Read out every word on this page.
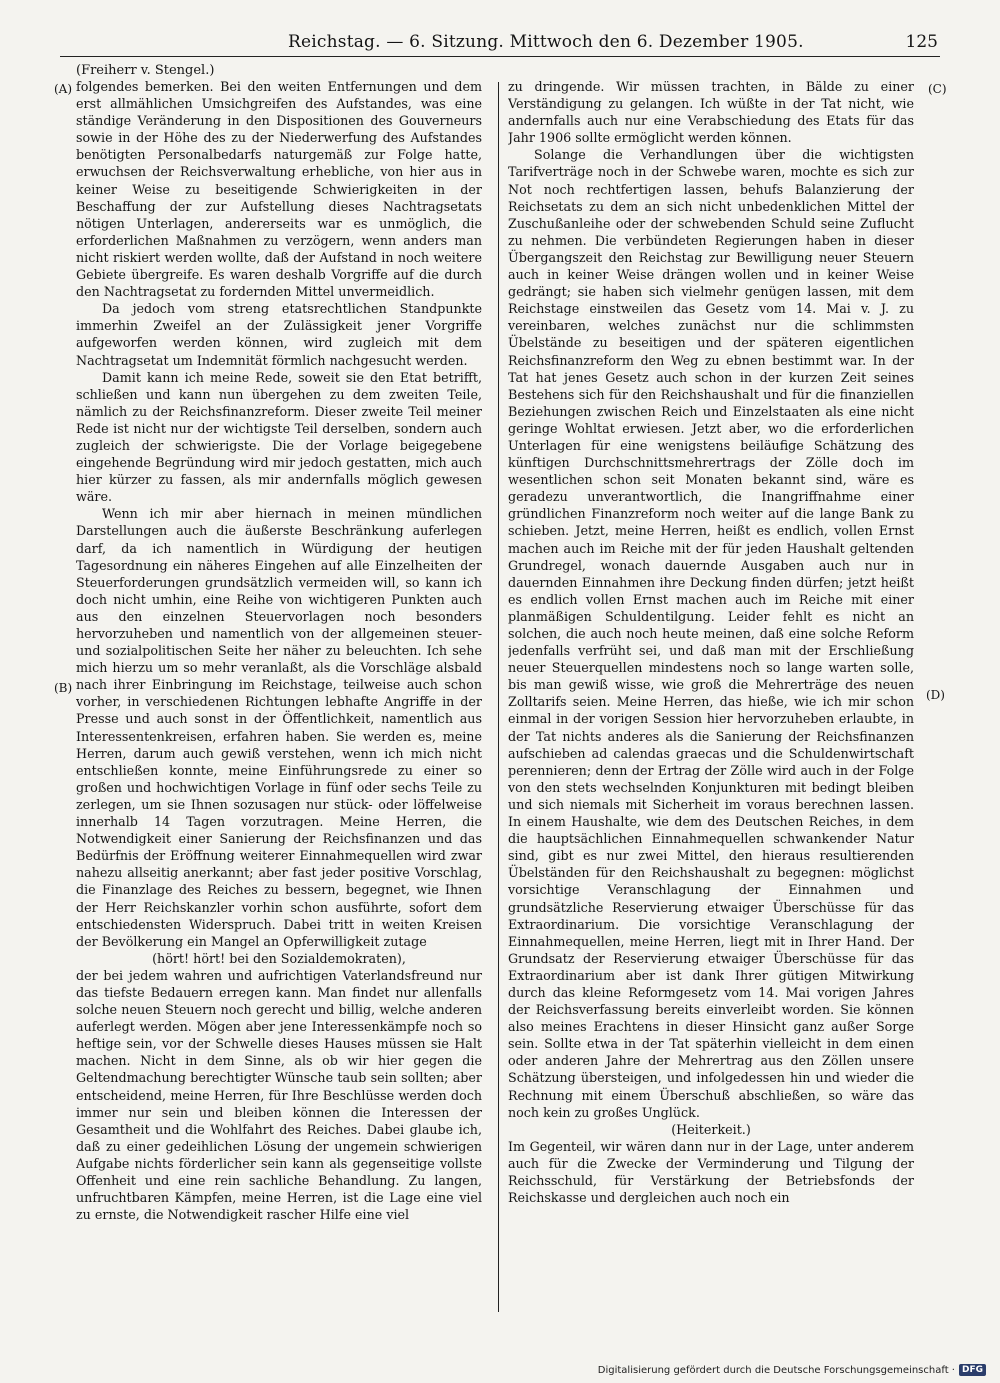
Reichstag. — 6. Sitzung. Mittwoch den 6. Dezember 1905.	125
(Freiherr v. Stengel.)
(A)
(B)
(C)
(D)

folgendes bemerken. Bei den weiten Entfernungen und dem erst allmählichen Umsichgreifen des Aufstandes, was eine ständige Veränderung in den Dispositionen des Gouverneurs sowie in der Höhe des zu der Niederwerfung des Aufstandes benötigten Personalbedarfs naturgemäß zur Folge hatte, erwuchsen der Reichsverwaltung erhebliche, von hier aus in keiner Weise zu beseitigende Schwierigkeiten in der Beschaffung der zur Aufstellung dieses Nachtragsetats nötigen Unterlagen, andererseits war es unmöglich, die erforderlichen Maßnahmen zu verzögern, wenn anders man nicht riskiert werden wollte, daß der Aufstand in noch weitere Gebiete übergreife. Es waren deshalb Vorgriffe auf die durch den Nachtragsetat zu fordernden Mittel unvermeidlich.

Da jedoch vom streng etatsrechtlichen Standpunkte immerhin Zweifel an der Zulässigkeit jener Vorgriffe aufgeworfen werden können, wird zugleich mit dem Nachtragsetat um Indemnität förmlich nachgesucht werden.

Damit kann ich meine Rede, soweit sie den Etat betrifft, schließen und kann nun übergehen zu dem zweiten Teile, nämlich zu der Reichsfinanzreform. Dieser zweite Teil meiner Rede ist nicht nur der wichtigste Teil derselben, sondern auch zugleich der schwierigste. Die der Vorlage beigegebene eingehende Begründung wird mir jedoch gestatten, mich auch hier kürzer zu fassen, als mir andernfalls möglich gewesen wäre.

Wenn ich mir aber hiernach in meinen mündlichen Darstellungen auch die äußerste Beschränkung auferlegen darf, da ich namentlich in Würdigung der heutigen Tagesordnung ein näheres Eingehen auf alle Einzelheiten der Steuerforderungen grundsätzlich vermeiden will, so kann ich doch nicht umhin, eine Reihe von wichtigeren Punkten auch aus den einzelnen Steuervorlagen noch besonders hervorzuheben und namentlich von der allgemeinen steuer- und sozialpolitischen Seite her näher zu beleuchten. Ich sehe mich hierzu um so mehr veranlaßt, als die Vorschläge alsbald nach ihrer Einbringung im Reichstage, teilweise auch schon vorher, in verschiedenen Richtungen lebhafte Angriffe in der Presse und auch sonst in der Öffentlichkeit, namentlich aus Interessentenkreisen, erfahren haben. Sie werden es, meine Herren, darum auch gewiß verstehen, wenn ich mich nicht entschließen konnte, meine Einführungsrede zu einer so großen und hochwichtigen Vorlage in fünf oder sechs Teile zu zerlegen, um sie Ihnen sozusagen nur stück- oder löffelweise innerhalb 14 Tagen vorzutragen. Meine Herren, die Notwendigkeit einer Sanierung der Reichsfinanzen und das Bedürfnis der Eröffnung weiterer Einnahmequellen wird zwar nahezu allseitig anerkannt; aber fast jeder positive Vorschlag, die Finanzlage des Reiches zu bessern, begegnet, wie Ihnen der Herr Reichskanzler vorhin schon ausführte, sofort dem entschiedensten Widerspruch. Dabei tritt in weiten Kreisen der Bevölkerung ein Mangel an Opferwilligkeit zutage

(hört! hört! bei den Sozialdemokraten),

der bei jedem wahren und aufrichtigen Vaterlandsfreund nur das tiefste Bedauern erregen kann. Man findet nur allenfalls solche neuen Steuern noch gerecht und billig, welche anderen auferlegt werden. Mögen aber jene Interessenkämpfe noch so heftige sein, vor der Schwelle dieses Hauses müssen sie Halt machen. Nicht in dem Sinne, als ob wir hier gegen die Geltendmachung berechtigter Wünsche taub sein sollten; aber entscheidend, meine Herren, für Ihre Beschlüsse werden doch immer nur sein und bleiben können die Interessen der Gesamtheit und die Wohlfahrt des Reiches. Dabei glaube ich, daß zu einer gedeihlichen Lösung der ungemein schwierigen Aufgabe nichts förderlicher sein kann als gegenseitige vollste Offenheit und eine rein sachliche Behandlung. Zu langen, unfruchtbaren Kämpfen, meine Herren, ist die Lage eine viel zu ernste, die Notwendigkeit rascher Hilfe eine viel

zu dringende. Wir müssen trachten, in Bälde zu einer Verständigung zu gelangen. Ich wüßte in der Tat nicht, wie andernfalls auch nur eine Verabschiedung des Etats für das Jahr 1906 sollte ermöglicht werden können.

Solange die Verhandlungen über die wichtigsten Tarifverträge noch in der Schwebe waren, mochte es sich zur Not noch rechtfertigen lassen, behufs Balanzierung der Reichsetats zu dem an sich nicht unbedenklichen Mittel der Zuschußanleihe oder der schwebenden Schuld seine Zuflucht zu nehmen. Die verbündeten Regierungen haben in dieser Übergangszeit den Reichstag zur Bewilligung neuer Steuern auch in keiner Weise drängen wollen und in keiner Weise gedrängt; sie haben sich vielmehr genügen lassen, mit dem Reichstage einstweilen das Gesetz vom 14. Mai v. J. zu vereinbaren, welches zunächst nur die schlimmsten Übelstände zu beseitigen und der späteren eigentlichen Reichsfinanzreform den Weg zu ebnen bestimmt war. In der Tat hat jenes Gesetz auch schon in der kurzen Zeit seines Bestehens sich für den Reichshaushalt und für die finanziellen Beziehungen zwischen Reich und Einzelstaaten als eine nicht geringe Wohltat erwiesen. Jetzt aber, wo die erforderlichen Unterlagen für eine wenigstens beiläufige Schätzung des künftigen Durchschnittsmehrertrags der Zölle doch im wesentlichen schon seit Monaten bekannt sind, wäre es geradezu unverantwortlich, die Inangriffnahme einer gründlichen Finanzreform noch weiter auf die lange Bank zu schieben. Jetzt, meine Herren, heißt es endlich, vollen Ernst machen auch im Reiche mit der für jeden Haushalt geltenden Grundregel, wonach dauernde Ausgaben auch nur in dauernden Einnahmen ihre Deckung finden dürfen; jetzt heißt es endlich vollen Ernst machen auch im Reiche mit einer planmäßigen Schuldentilgung. Leider fehlt es nicht an solchen, die auch noch heute meinen, daß eine solche Reform jedenfalls verfrüht sei, und daß man mit der Erschließung neuer Steuerquellen mindestens noch so lange warten solle, bis man gewiß wisse, wie groß die Mehrerträge des neuen Zolltarifs seien. Meine Herren, das hieße, wie ich mir schon einmal in der vorigen Session hier hervorzuheben erlaubte, in der Tat nichts anderes als die Sanierung der Reichsfinanzen aufschieben ad calendas graecas und die Schuldenwirtschaft perennieren; denn der Ertrag der Zölle wird auch in der Folge von den stets wechselnden Konjunkturen mit bedingt bleiben und sich niemals mit Sicherheit im voraus berechnen lassen. In einem Haushalte, wie dem des Deutschen Reiches, in dem die hauptsächlichen Einnahmequellen schwankender Natur sind, gibt es nur zwei Mittel, den hieraus resultierenden Übelständen für den Reichshaushalt zu begegnen: möglichst vorsichtige Veranschlagung der Einnahmen und grundsätzliche Reservierung etwaiger Überschüsse für das Extraordinarium. Die vorsichtige Veranschlagung der Einnahmequellen, meine Herren, liegt mit in Ihrer Hand. Der Grundsatz der Reservierung etwaiger Überschüsse für das Extraordinarium aber ist dank Ihrer gütigen Mitwirkung durch das kleine Reformgesetz vom 14. Mai vorigen Jahres der Reichsverfassung bereits einverleibt worden. Sie können also meines Erachtens in dieser Hinsicht ganz außer Sorge sein. Sollte etwa in der Tat späterhin vielleicht in dem einen oder anderen Jahre der Mehrertrag aus den Zöllen unsere Schätzung übersteigen, und infolgedessen hin und wieder die Rechnung mit einem Überschuß abschließen, so wäre das noch kein zu großes Unglück.

(Heiterkeit.)

Im Gegenteil, wir wären dann nur in der Lage, unter anderem auch für die Zwecke der Verminderung und Tilgung der Reichsschuld, für Verstärkung der Betriebsfonds der Reichskasse und dergleichen auch noch ein

Digitalisierung gefördert durch die Deutsche Forschungsgemeinschaft · DFG
